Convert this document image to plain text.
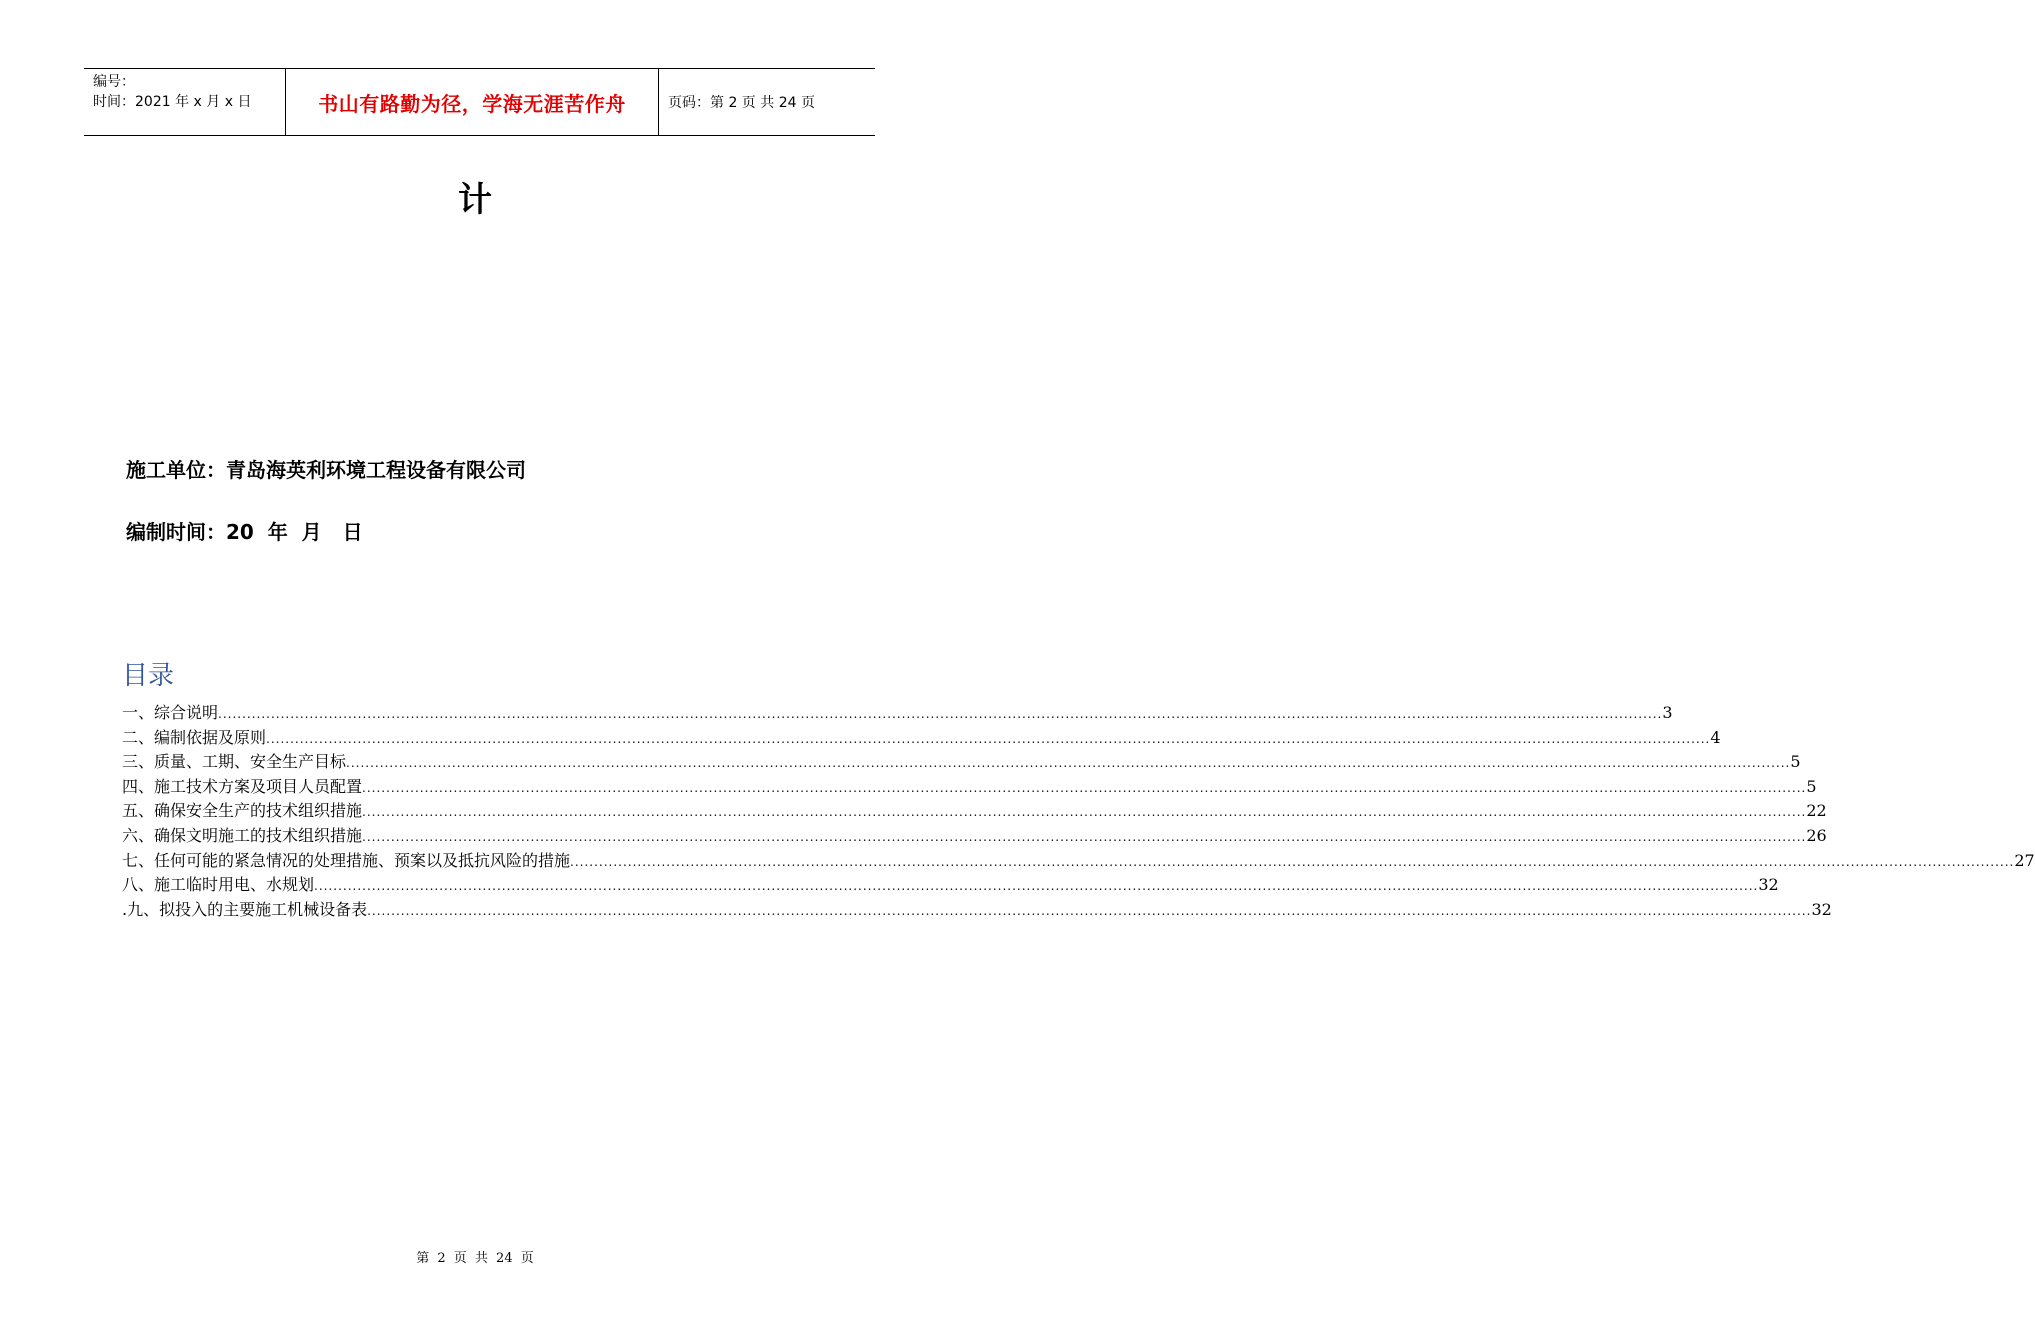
编号：
时间：2021 年 x 月 x 日	书山有路勤为径，学海无涯苦作舟	页码：第 2 页 共 24 页
计
施工单位：青岛海英利环境工程设备有限公司
编制时间：20  年  月   日
目录
一、综合说明 ............................................................................................................................................................................................................................................................................................................ 3
二、编制依据及原则 ............................................................................................................................................................................................................................................................................................................ 4
三、质量、工期、安全生产目标 ............................................................................................................................................................................................................................................................................................................ 5
四、施工技术方案及项目人员配置 ............................................................................................................................................................................................................................................................................................................ 5
五、确保安全生产的技术组织措施 ............................................................................................................................................................................................................................................................................................................ 22
六、确保文明施工的技术组织措施 ............................................................................................................................................................................................................................................................................................................ 26
七、任何可能的紧急情况的处理措施、预案以及抵抗风险的措施 ............................................................................................................................................................................................................................................................................................................ 27
八、施工临时用电、水规划 ............................................................................................................................................................................................................................................................................................................ 32
.九、拟投入的主要施工机械设备表 ............................................................................................................................................................................................................................................................................................................ 32
第 2 页 共 24 页
